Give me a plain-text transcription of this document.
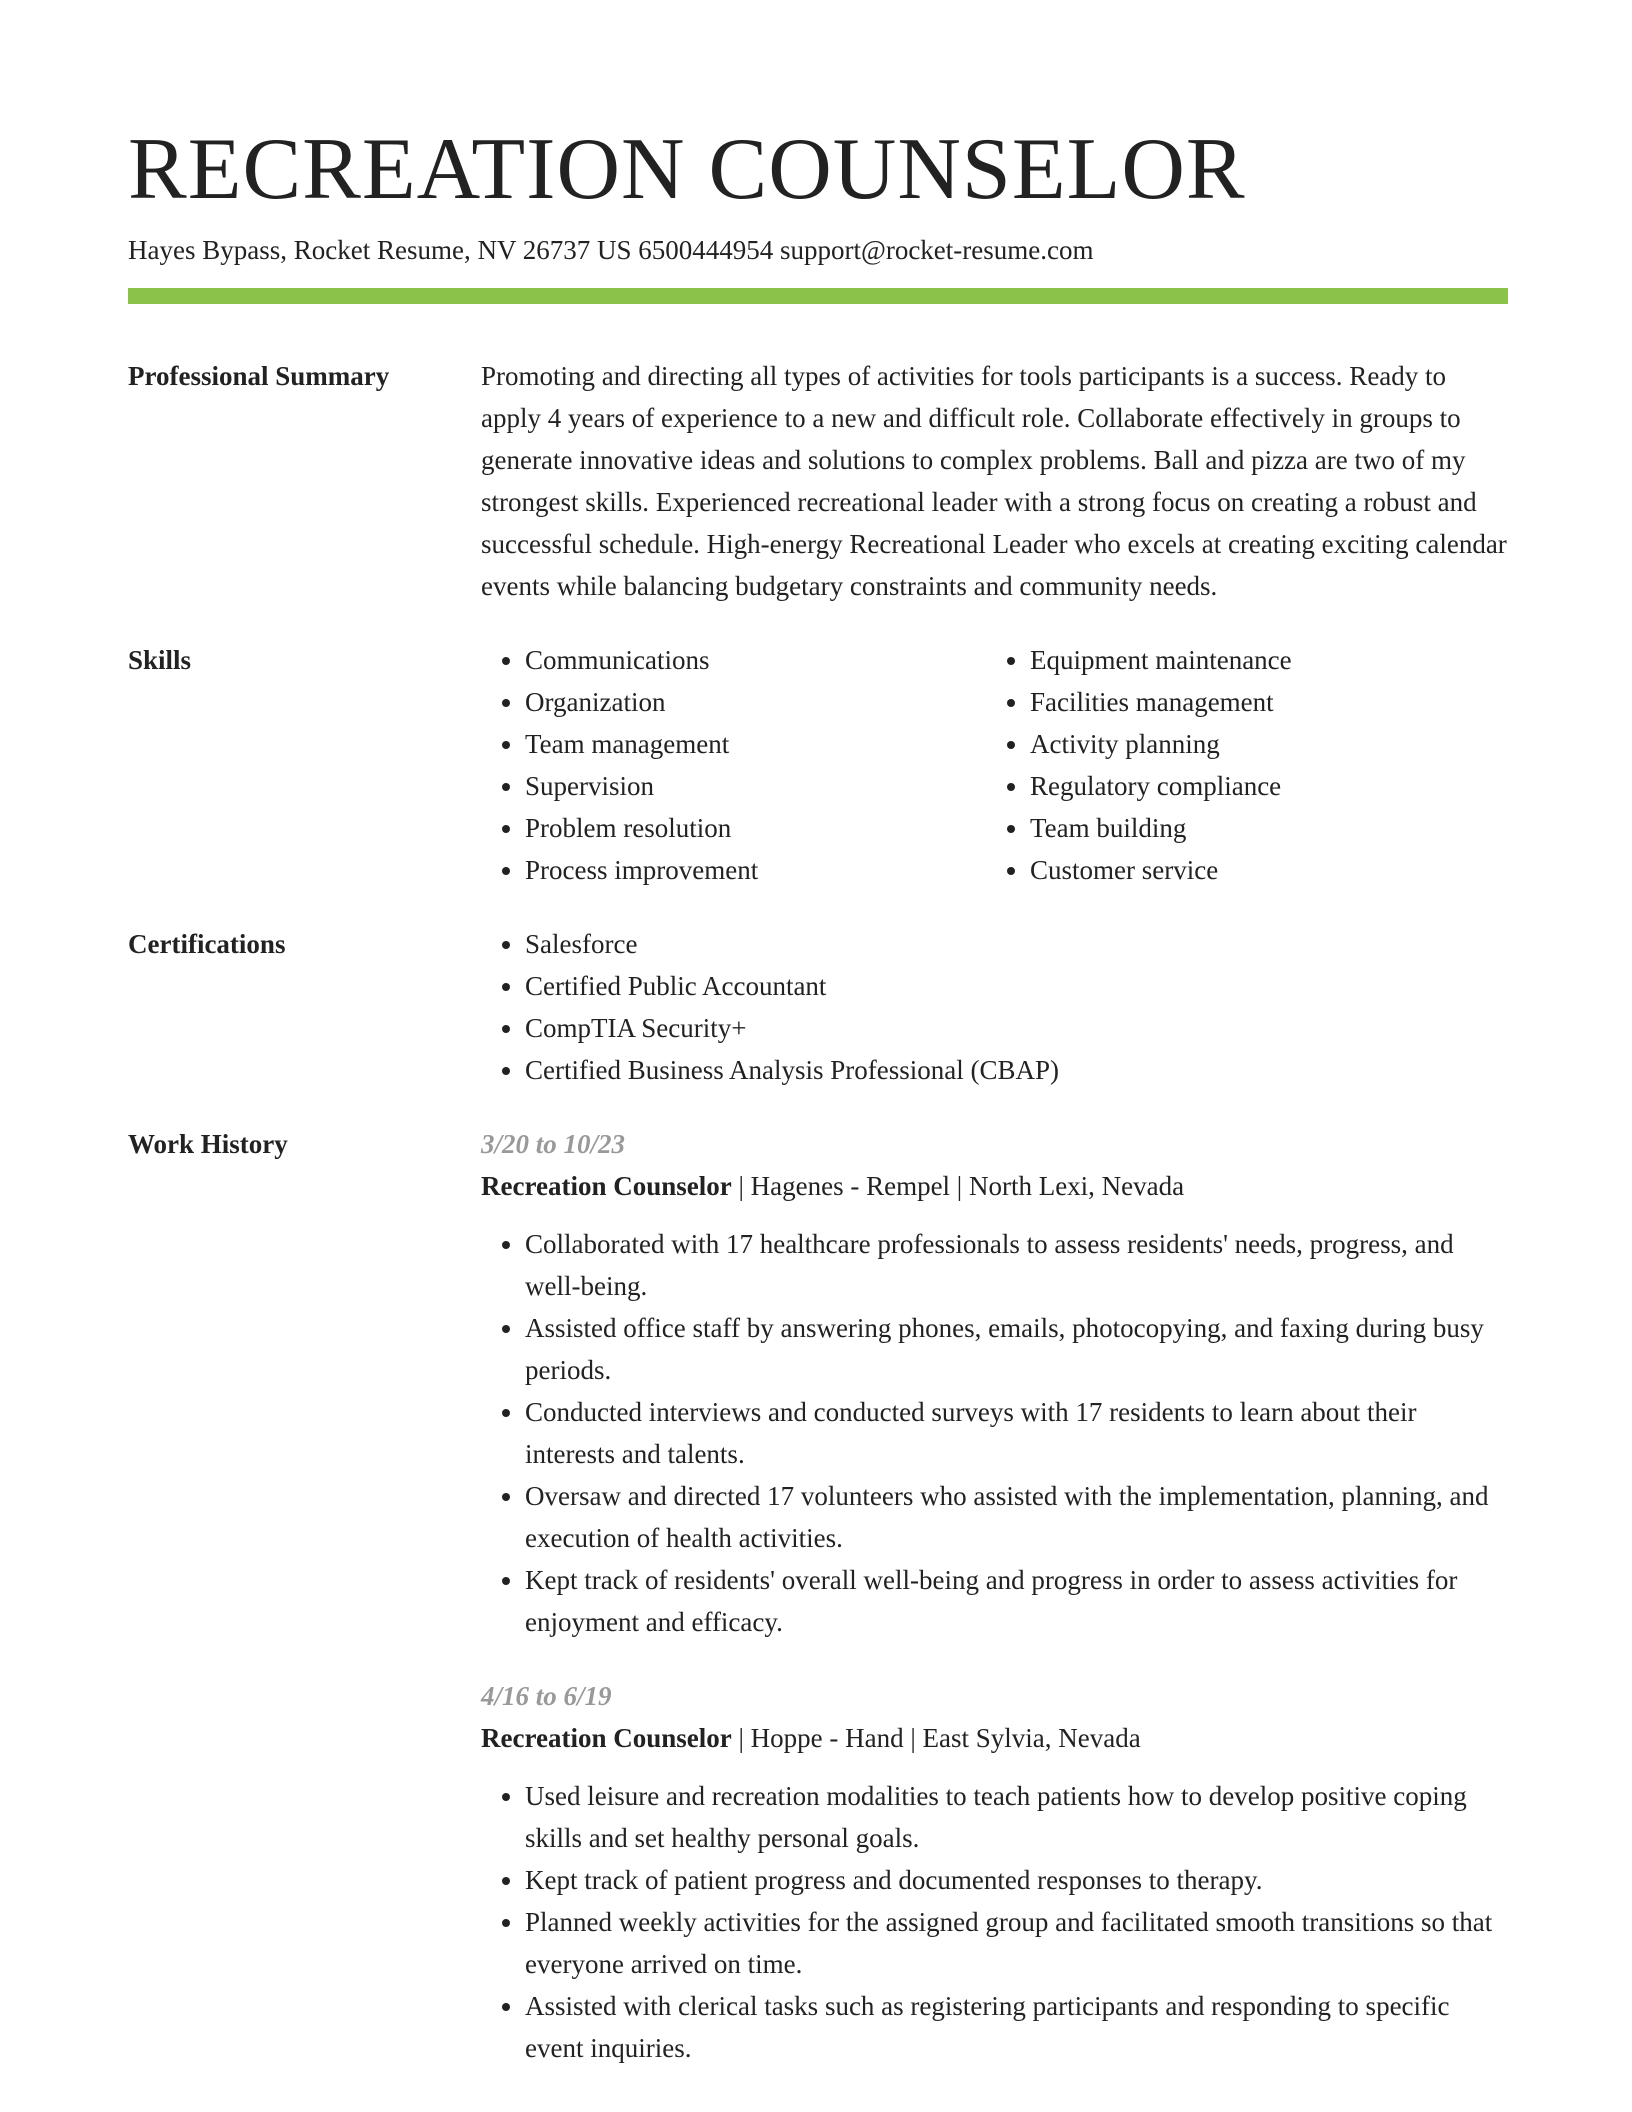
RECREATION COUNSELOR
Hayes Bypass, Rocket Resume, NV 26737 US 6500444954 support@rocket-resume.com
Professional Summary	Promoting and directing all types of activities for tools participants is a success. Ready to apply 4 years of experience to a new and difficult role. Collaborate effectively in groups to generate innovative ideas and solutions to complex problems. Ball and pizza are two of my strongest skills. Experienced recreational leader with a strong focus on creating a robust and successful schedule. High-energy Recreational Leader who excels at creating exciting calendar events while balancing budgetary constraints and community needs.
Skills	• Communications
• Organization
• Team management
• Supervision
• Problem resolution
• Process improvement
• Equipment maintenance
• Facilities management
• Activity planning
• Regulatory compliance
• Team building
• Customer service
Certifications	• Salesforce
• Certified Public Accountant
• CompTIA Security+
• Certified Business Analysis Professional (CBAP)
Work History	3/20 to 10/23
Recreation Counselor | Hagenes - Rempel | North Lexi, Nevada
• Collaborated with 17 healthcare professionals to assess residents' needs, progress, and well-being.
• Assisted office staff by answering phones, emails, photocopying, and faxing during busy periods.
• Conducted interviews and conducted surveys with 17 residents to learn about their interests and talents.
• Oversaw and directed 17 volunteers who assisted with the implementation, planning, and execution of health activities.
• Kept track of residents' overall well-being and progress in order to assess activities for enjoyment and efficacy.
4/16 to 6/19
Recreation Counselor | Hoppe - Hand | East Sylvia, Nevada
• Used leisure and recreation modalities to teach patients how to develop positive coping skills and set healthy personal goals.
• Kept track of patient progress and documented responses to therapy.
• Planned weekly activities for the assigned group and facilitated smooth transitions so that everyone arrived on time.
• Assisted with clerical tasks such as registering participants and responding to specific event inquiries.
